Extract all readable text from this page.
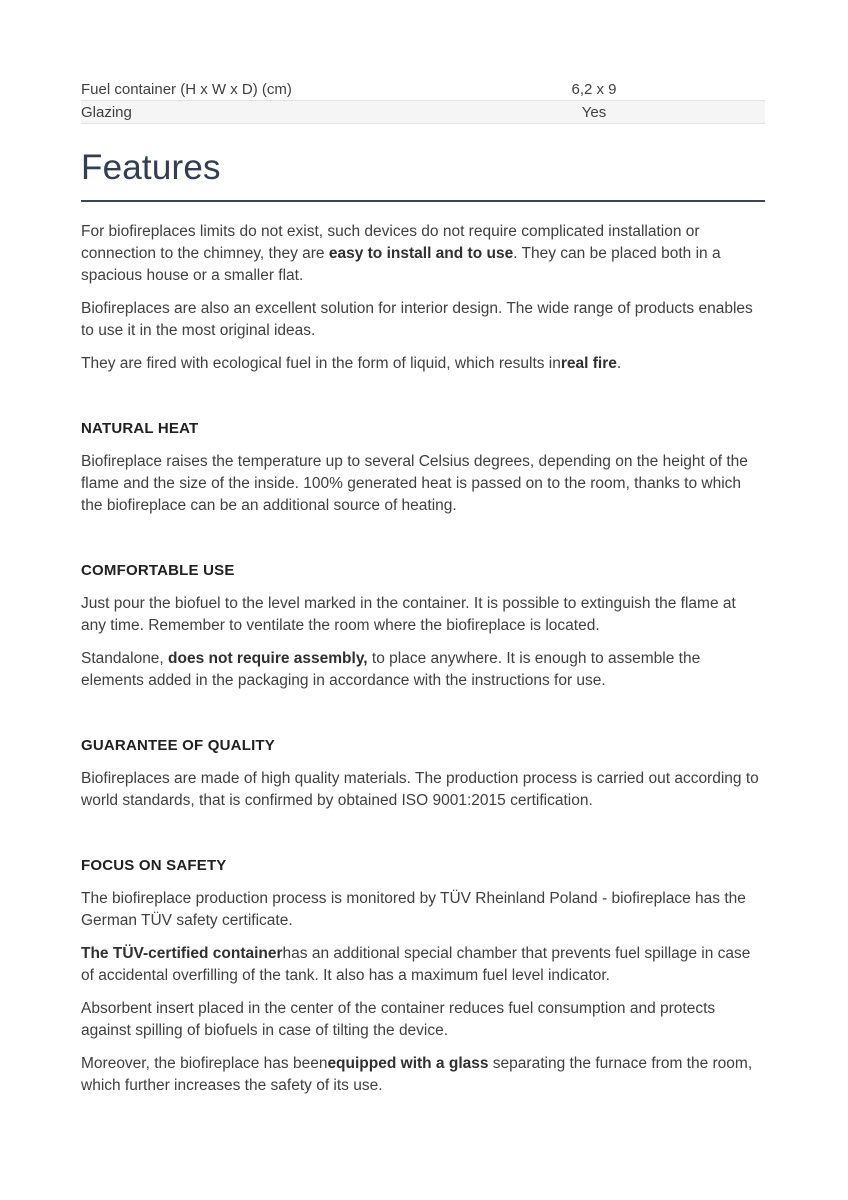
Fuel container (H x W x D) (cm)	6,2 x 9
Glazing	Yes
Features

For biofireplaces limits do not exist, such devices do not require complicated installation or connection to the chimney, they are easy to install and to use. They can be placed both in a spacious house or a smaller flat.

Biofireplaces are also an excellent solution for interior design. The wide range of products enables to use it in the most original ideas.

They are fired with ecological fuel in the form of liquid, which results inreal fire.

NATURAL HEAT

Biofireplace raises the temperature up to several Celsius degrees, depending on the height of the flame and the size of the inside. 100% generated heat is passed on to the room, thanks to which the biofireplace can be an additional source of heating.

COMFORTABLE USE

Just pour the biofuel to the level marked in the container. It is possible to extinguish the flame at any time. Remember to ventilate the room where the biofireplace is located.

Standalone, does not require assembly, to place anywhere. It is enough to assemble the elements added in the packaging in accordance with the instructions for use.

GUARANTEE OF QUALITY

Biofireplaces are made of high quality materials. The production process is carried out according to world standards, that is confirmed by obtained ISO 9001:2015 certification.

FOCUS ON SAFETY

The biofireplace production process is monitored by TÜV Rheinland Poland - biofireplace has the German TÜV safety certificate.

The TÜV-certified containerhas an additional special chamber that prevents fuel spillage in case of accidental overfilling of the tank. It also has a maximum fuel level indicator.

Absorbent insert placed in the center of the container reduces fuel consumption and protects against spilling of biofuels in case of tilting the device.

Moreover, the biofireplace has beenequipped with a glass separating the furnace from the room, which further increases the safety of its use.
